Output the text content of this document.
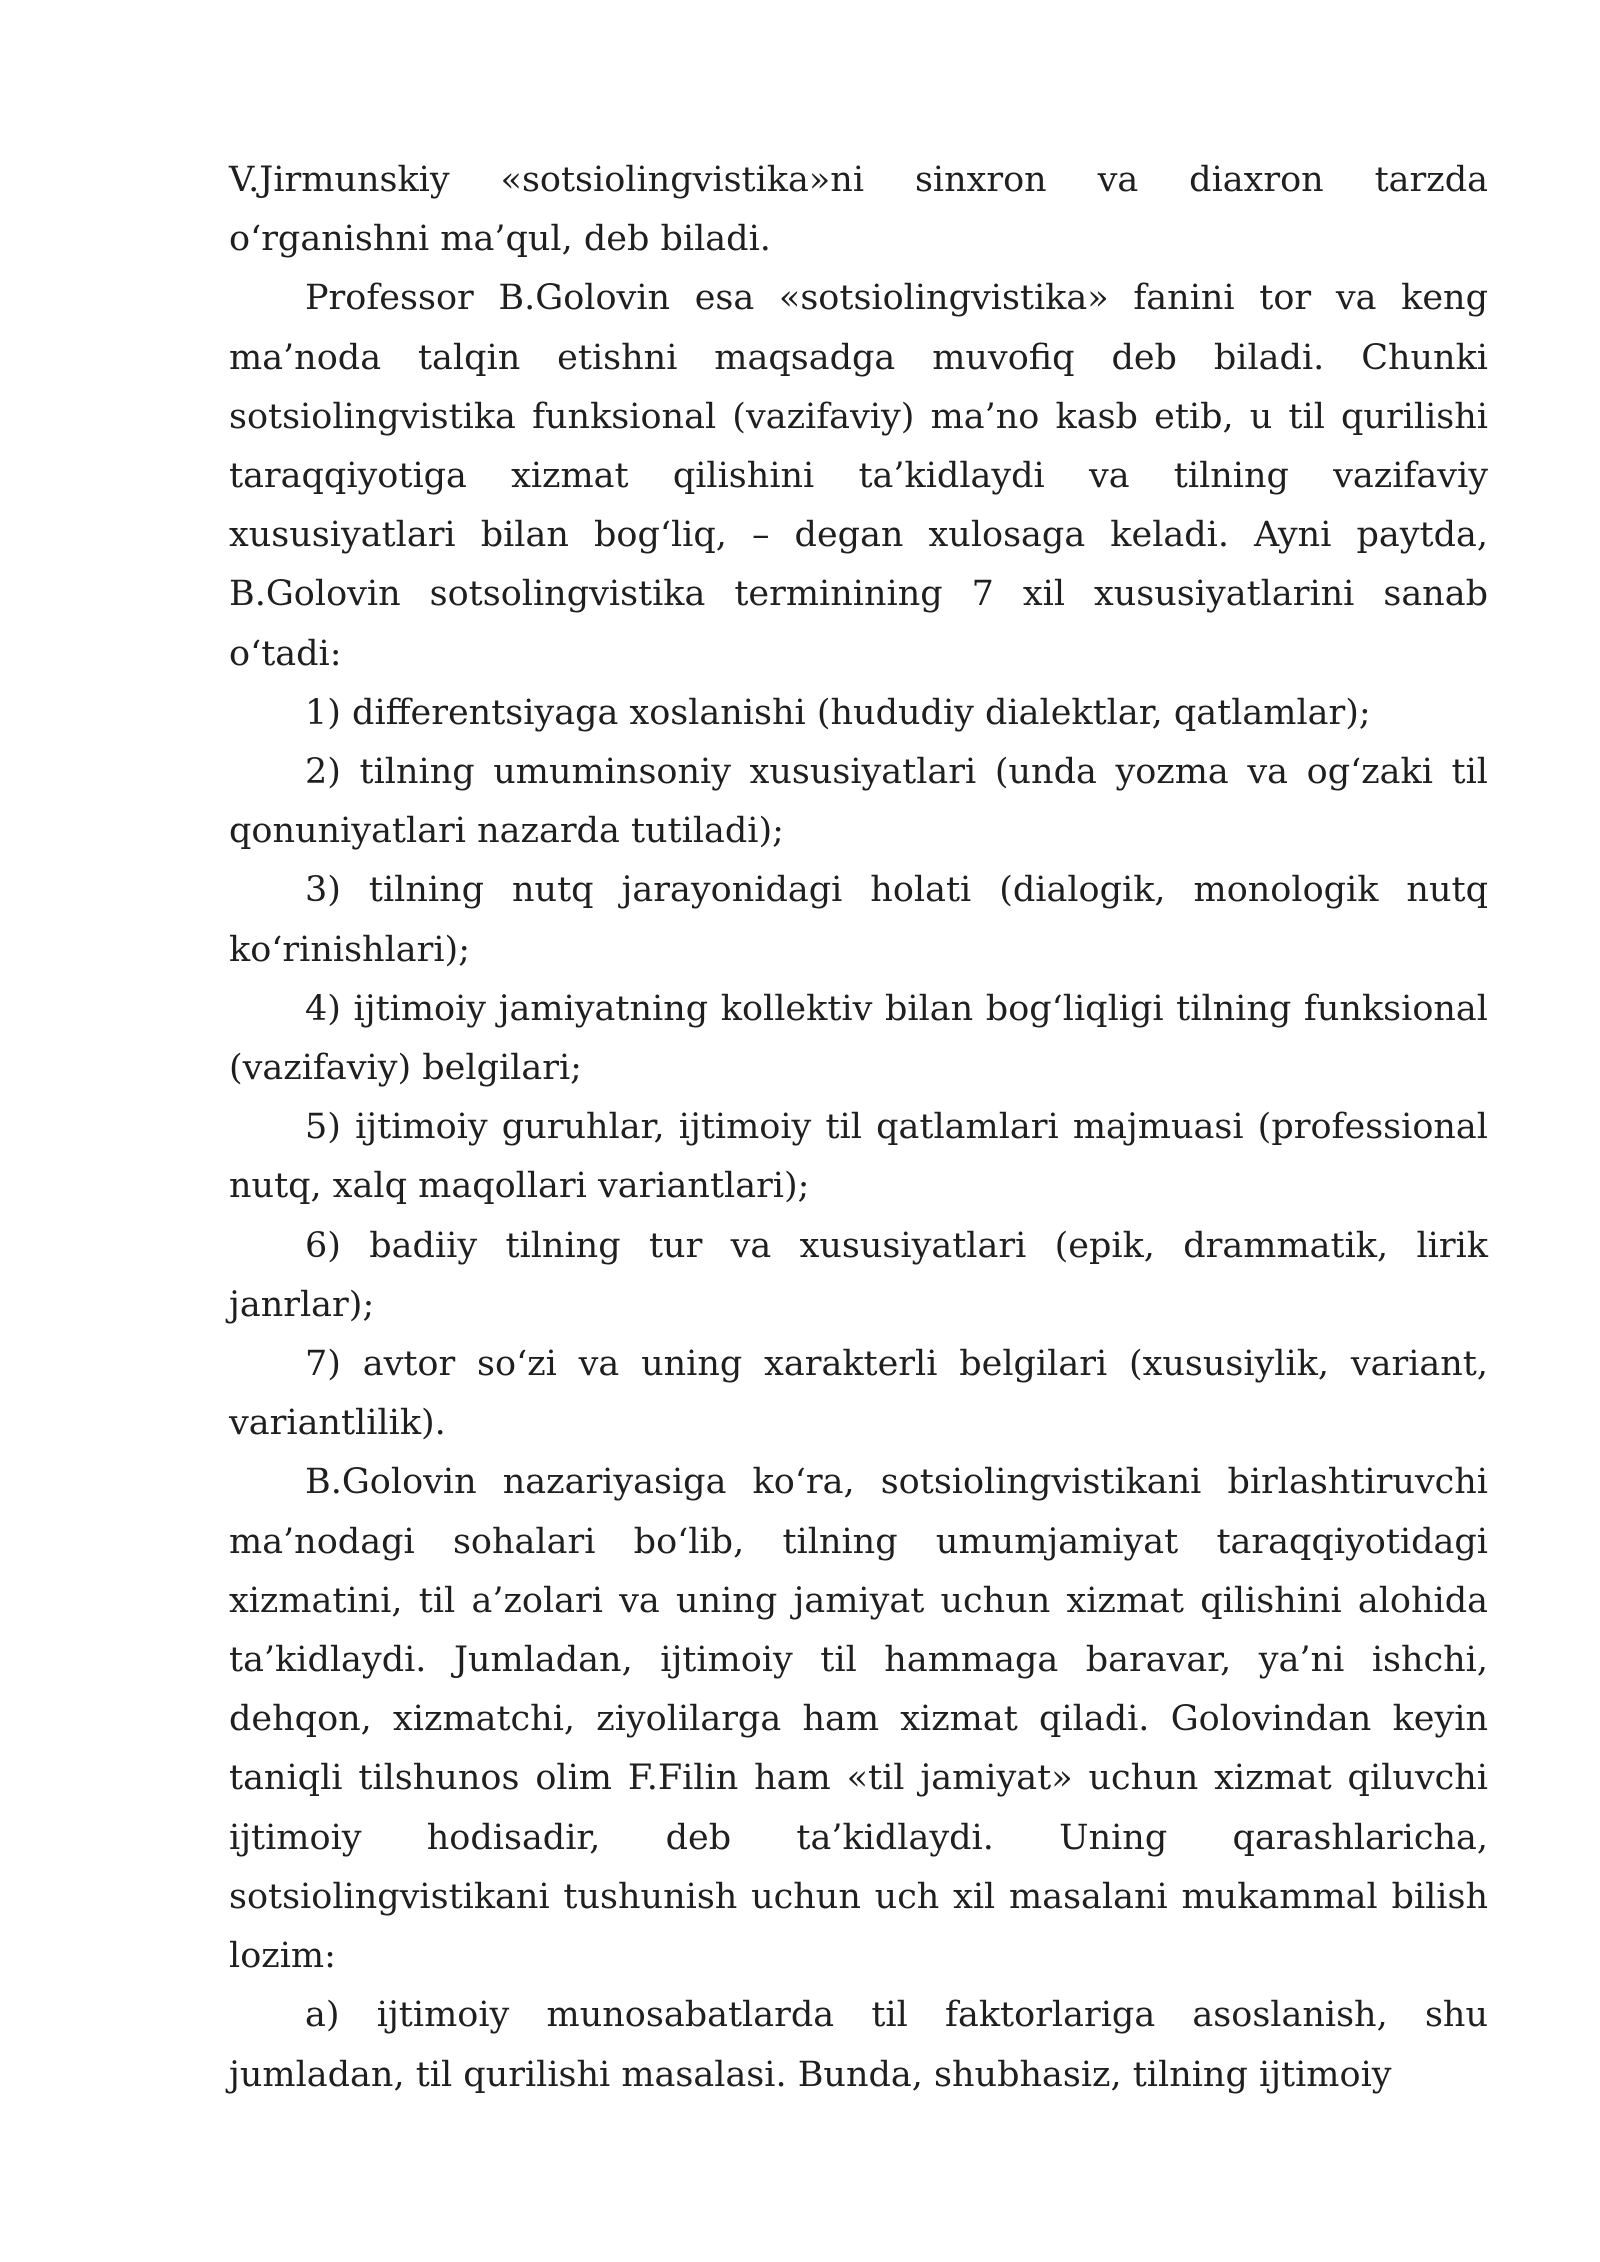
V.Jirmunskiy «sotsiolingvistika»ni sinxron va diaxron tarzda o‘rganishni ma’qul, deb biladi.

Professor B.Golovin esa «sotsiolingvistika» fanini tor va keng ma’noda talqin etishni maqsadga muvofiq deb biladi. Chunki sotsiolingvistika funksional (vazifaviy) ma’no kasb etib, u til qurilishi taraqqiyotiga xizmat qilishini ta’kidlaydi va tilning vazifaviy xususiyatlari bilan bog‘liq, – degan xulosaga keladi. Ayni paytda, B.Golovin sotsolingvistika terminining 7 xil xususiyatlarini sanab o‘tadi:

1) differentsiyaga xoslanishi (hududiy dialektlar, qatlamlar);

2) tilning umuminsoniy xususiyatlari (unda yozma va og‘zaki til qonuniyatlari nazarda tutiladi);

3) tilning nutq jarayonidagi holati (dialogik, monologik nutq ko‘rinishlari);

4) ijtimoiy jamiyatning kollektiv bilan bog‘liqligi tilning funksional (vazifaviy) belgilari;

5) ijtimoiy guruhlar, ijtimoiy til qatlamlari majmuasi (professional nutq, xalq maqollari variantlari);

6) badiiy tilning tur va xususiyatlari (epik, drammatik, lirik janrlar);

7) avtor so‘zi va uning xarakterli belgilari (xususiylik, variant, variantlilik).

B.Golovin nazariyasiga ko‘ra, sotsiolingvistikani birlashtiruvchi ma’nodagi sohalari bo‘lib, tilning umumjamiyat taraqqiyotidagi xizmatini, til a’zolari va uning jamiyat uchun xizmat qilishini alohida ta’kidlaydi. Jumladan, ijtimoiy til hammaga baravar, ya’ni ishchi, dehqon, xizmatchi, ziyolilarga ham xizmat qiladi. Golovindan keyin taniqli tilshunos olim F.Filin ham «til jamiyat» uchun xizmat qiluvchi ijtimoiy hodisadir, deb ta’kidlaydi. Uning qarashlaricha, sotsiolingvistikani tushunish uchun uch xil masalani mukammal bilish lozim:

a) ijtimoiy munosabatlarda til faktorlariga asoslanish, shu jumladan, til qurilishi masalasi. Bunda, shubhasiz, tilning ijtimoiy
